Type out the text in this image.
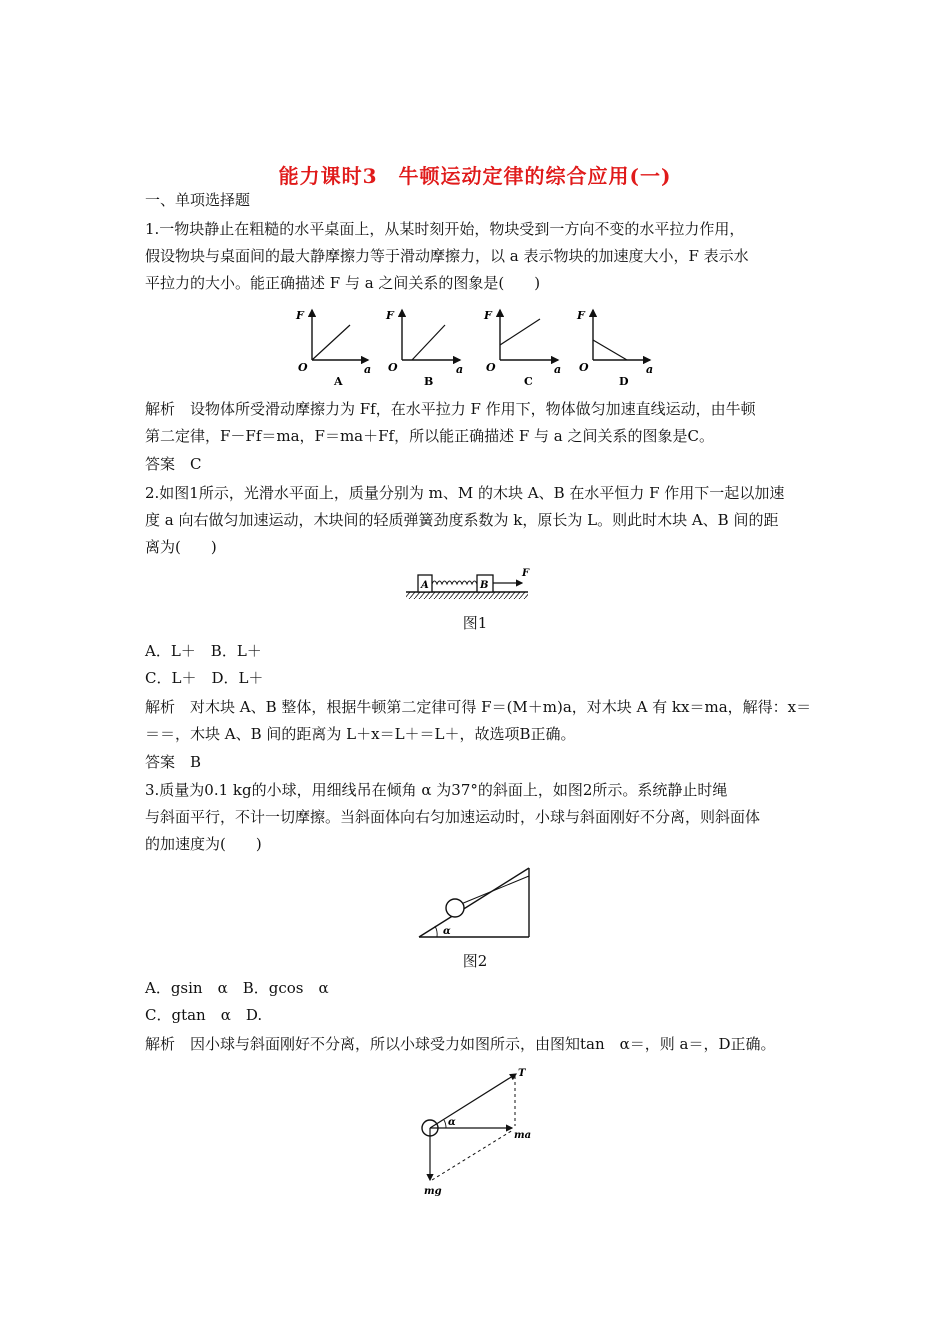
能力课时3　牛顿运动定律的综合应用(一)
一、单项选择题
1.一物块静止在粗糙的水平桌面上，从某时刻开始，物块受到一方向不变的水平拉力作用，
假设物块与桌面间的最大静摩擦力等于滑动摩擦力，以 a 表示物块的加速度大小，F 表示水
平拉力的大小。能正确描述 F 与 a 之间关系的图象是(　　)
F
O	a
A
F
O	a
B
F
O	a
C
F
O	a
D
解析　设物体所受滑动摩擦力为 Ff，在水平拉力 F 作用下，物体做匀加速直线运动，由牛顿
第二定律，F－Ff＝ma，F＝ma＋Ff，所以能正确描述 F 与 a 之间关系的图象是C。
答案　C
2.如图1所示，光滑水平面上，质量分别为 m、M 的木块 A、B 在水平恒力 F 作用下一起以加速
度 a 向右做匀加速运动，木块间的轻质弹簧劲度系数为 k，原长为 L。则此时木块 A、B 间的距
离为(　　)
A	B
F
图1
A．L＋　B．L＋
C．L＋　D．L＋
解析　对木块 A、B 整体，根据牛顿第二定律可得 F＝(M＋m)a，对木块 A 有 kx＝ma，解得：x＝
＝＝，木块 A、B 间的距离为 L＋x＝L＋＝L＋，故选项B正确。
答案　B
3.质量为0.1 kg的小球，用细线吊在倾角 α 为37°的斜面上，如图2所示。系统静止时绳
与斜面平行，不计一切摩擦。当斜面体向右匀加速运动时，小球与斜面刚好不分离，则斜面体
的加速度为(　　)
α
图2
A．gsin　α　B．gcos　α
C．gtan　α　D.
解析　因小球与斜面刚好不分离，所以小球受力如图所示，由图知tan　α＝，则 a＝，D正确。
α
T
ma
mg
